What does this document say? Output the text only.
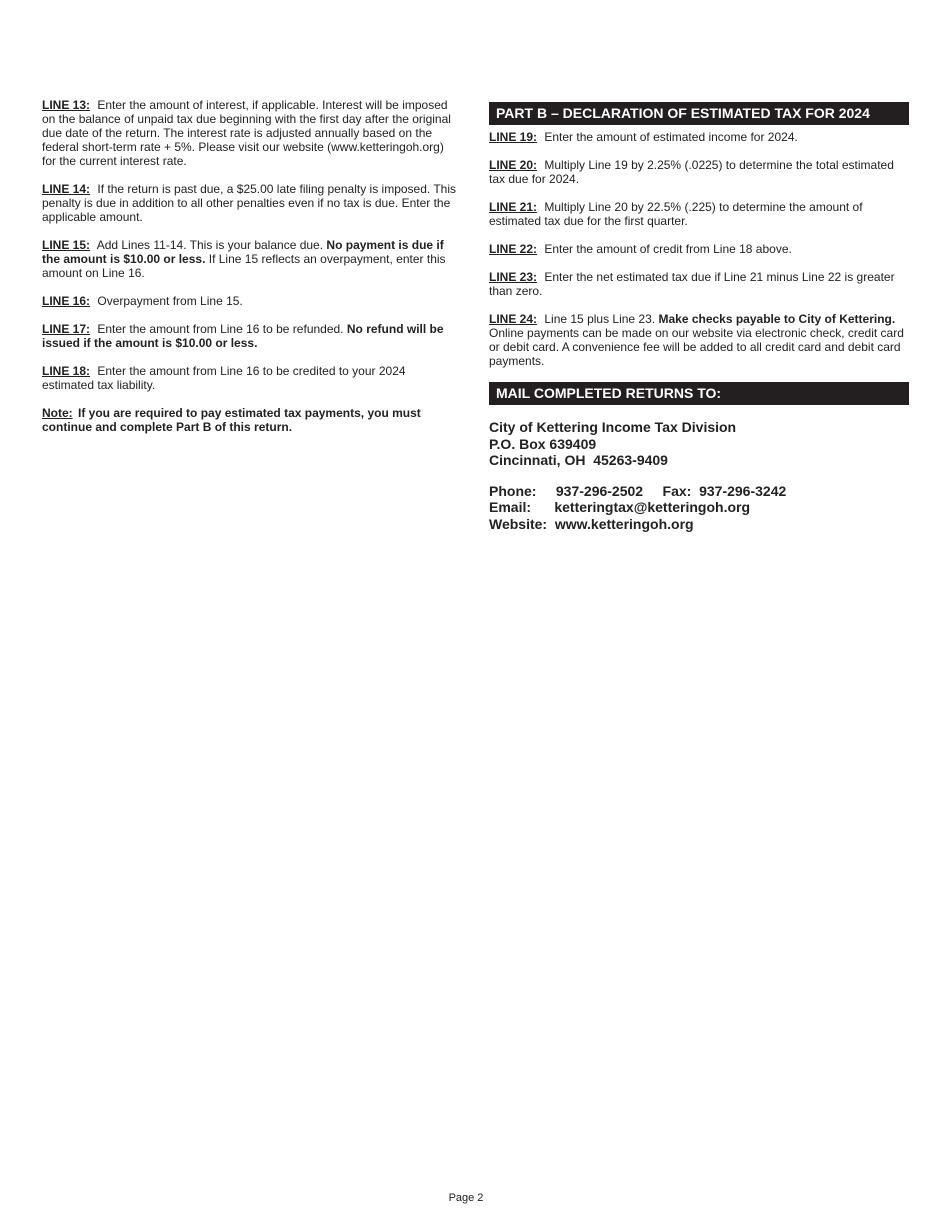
LINE 13: Enter the amount of interest, if applicable. Interest will be imposed on the balance of unpaid tax due beginning with the first day after the original due date of the return. The interest rate is adjusted annually based on the federal short-term rate + 5%. Please visit our website (www.ketteringoh.org) for the current interest rate.

LINE 14: If the return is past due, a $25.00 late filing penalty is imposed. This penalty is due in addition to all other penalties even if no tax is due. Enter the applicable amount.

LINE 15: Add Lines 11-14. This is your balance due. No payment is due if the amount is $10.00 or less. If Line 15 reflects an overpayment, enter this amount on Line 16.

LINE 16: Overpayment from Line 15.

LINE 17: Enter the amount from Line 16 to be refunded. No refund will be issued if the amount is $10.00 or less.

LINE 18: Enter the amount from Line 16 to be credited to your 2024 estimated tax liability.

Note: If you are required to pay estimated tax payments, you must continue and complete Part B of this return.

PART B – DECLARATION OF ESTIMATED TAX FOR 2024

LINE 19: Enter the amount of estimated income for 2024.

LINE 20: Multiply Line 19 by 2.25% (.0225) to determine the total estimated tax due for 2024.

LINE 21: Multiply Line 20 by 22.5% (.225) to determine the amount of estimated tax due for the first quarter.

LINE 22: Enter the amount of credit from Line 18 above.

LINE 23: Enter the net estimated tax due if Line 21 minus Line 22 is greater than zero.

LINE 24: Line 15 plus Line 23. Make checks payable to City of Kettering. Online payments can be made on our website via electronic check, credit card or debit card. A convenience fee will be added to all credit card and debit card payments.

MAIL COMPLETED RETURNS TO:
City of Kettering Income Tax Division
P.O. Box 639409
Cincinnati, OH  45263-9409
Phone:     937-296-2502     Fax:  937-296-3242
Email:      ketteringtax@ketteringoh.org
Website:  www.ketteringoh.org
Page 2
